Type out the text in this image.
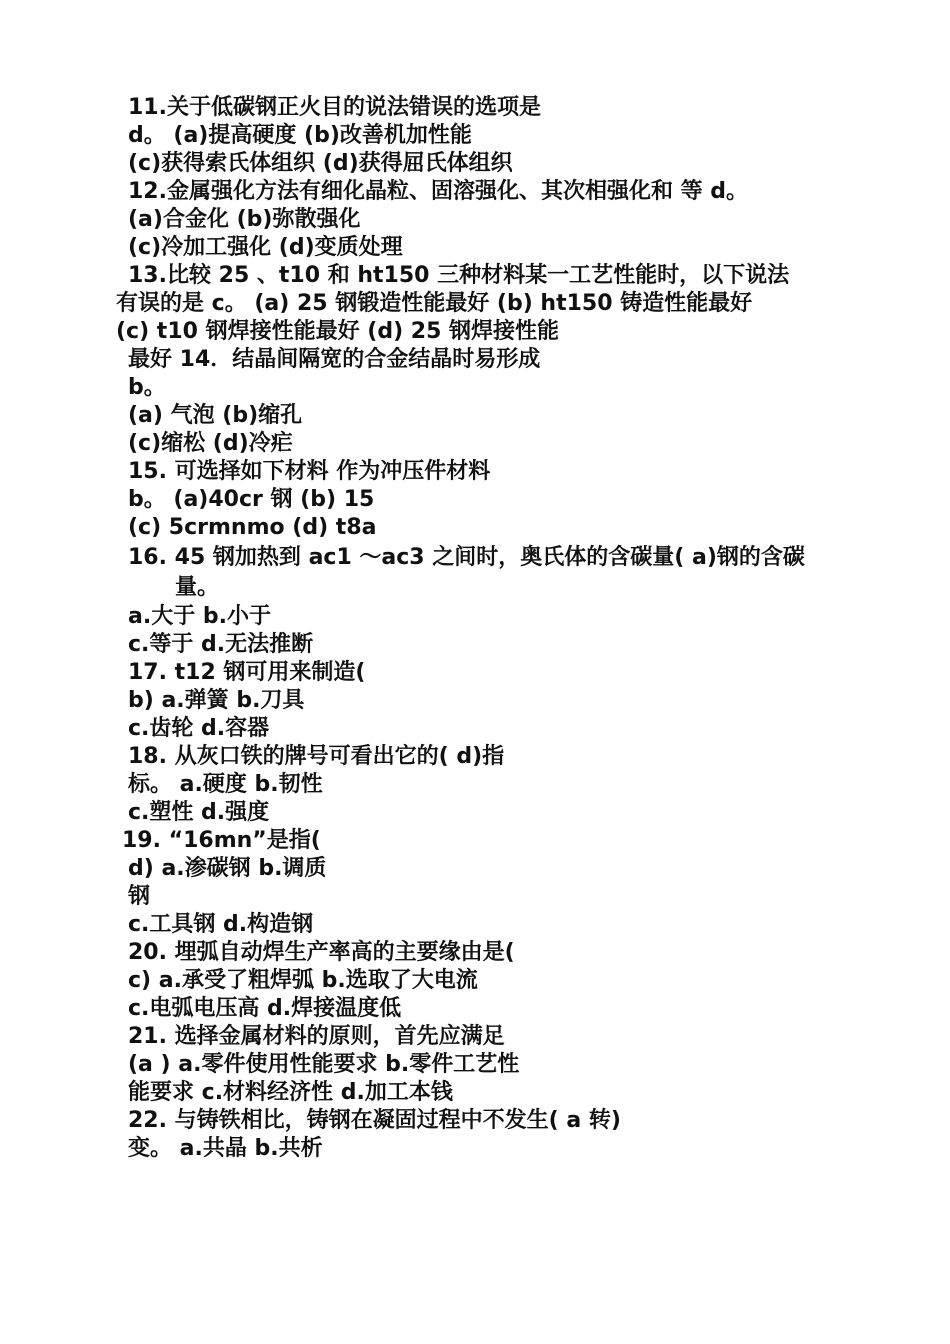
11.关于低碳钢正火目的说法错误的选项是
d。 (a)提高硬度 (b)改善机加性能
(c)获得索氏体组织 (d)获得屈氏体组织
12.金属强化方法有细化晶粒、固溶强化、其次相强化和 等 d。
(a)合金化 (b)弥散强化
(c)冷加工强化 (d)变质处理
13.比较 25 、t10 和 ht150 三种材料某一工艺性能时，以下说法
有误的是 c。 (a) 25 钢锻造性能最好 (b) ht150 铸造性能最好
(c) t10 钢焊接性能最好 (d) 25 钢焊接性能
最好 14．结晶间隔宽的合金结晶时易形成
b。
(a) 气泡 (b)缩孔
(c)缩松 (d)冷疟
15. 可选择如下材料 作为冲压件材料
b。 (a)40cr 钢 (b) 15
(c) 5crmnmo (d) t8a
16. 45 钢加热到 ac1 ～ac3 之间时，奥氏体的含碳量( a)钢的含碳
量。
a.大于 b.小于
c.等于 d.无法推断
17. t12 钢可用来制造(
b) a.弹簧 b.刀具
c.齿轮 d.容器
18. 从灰口铁的牌号可看出它的( d)指
标。 a.硬度 b.韧性
c.塑性 d.强度
19. “16mn”是指(
d) a.渗碳钢 b.调质
钢
c.工具钢 d.构造钢
20. 埋弧自动焊生产率高的主要缘由是(
c) a.承受了粗焊弧 b.选取了大电流
c.电弧电压高 d.焊接温度低
21. 选择金属材料的原则，首先应满足
(a ) a.零件使用性能要求 b.零件工艺性
能要求 c.材料经济性 d.加工本钱
22. 与铸铁相比，铸钢在凝固过程中不发生( a 转)
变。 a.共晶 b.共析
